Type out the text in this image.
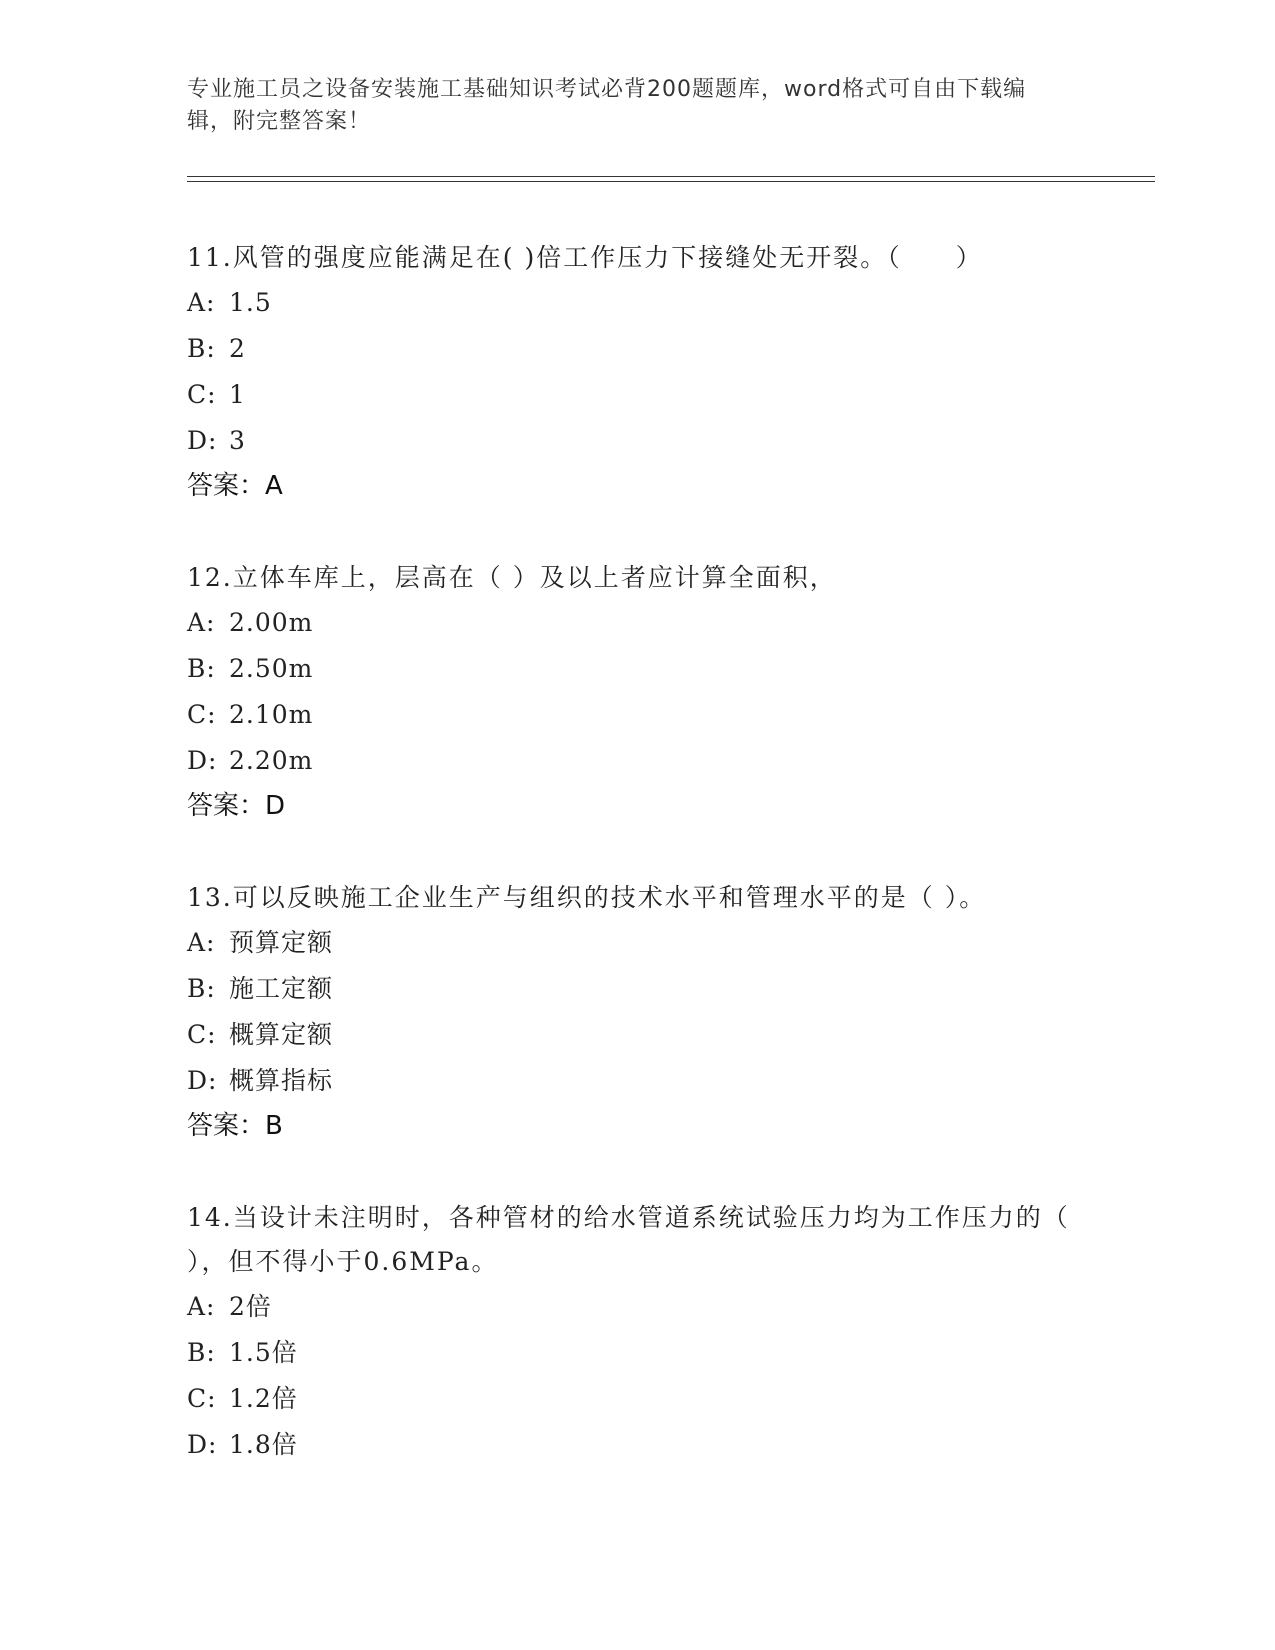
专业施工员之设备安装施工基础知识考试必背200题题库，word格式可自由下载编辑，附完整答案！

11.风管的强度应能满足在( )倍工作压力下接缝处无开裂。（　　）

A: 1.5
B: 2
C: 1
D: 3
答案：A

12.立体车库上，层高在（ ）及以上者应计算全面积，

A: 2.00m
B: 2.50m
C: 2.10m
D: 2.20m
答案：D

13.可以反映施工企业生产与组织的技术水平和管理水平的是（ ）。

A: 预算定额
B: 施工定额
C: 概算定额
D: 概算指标
答案：B

14.当设计未注明时，各种管材的给水管道系统试验压力均为工作压力的（ ），但不得小于0.6MPa。

A: 2倍
B: 1.5倍
C: 1.2倍
D: 1.8倍
